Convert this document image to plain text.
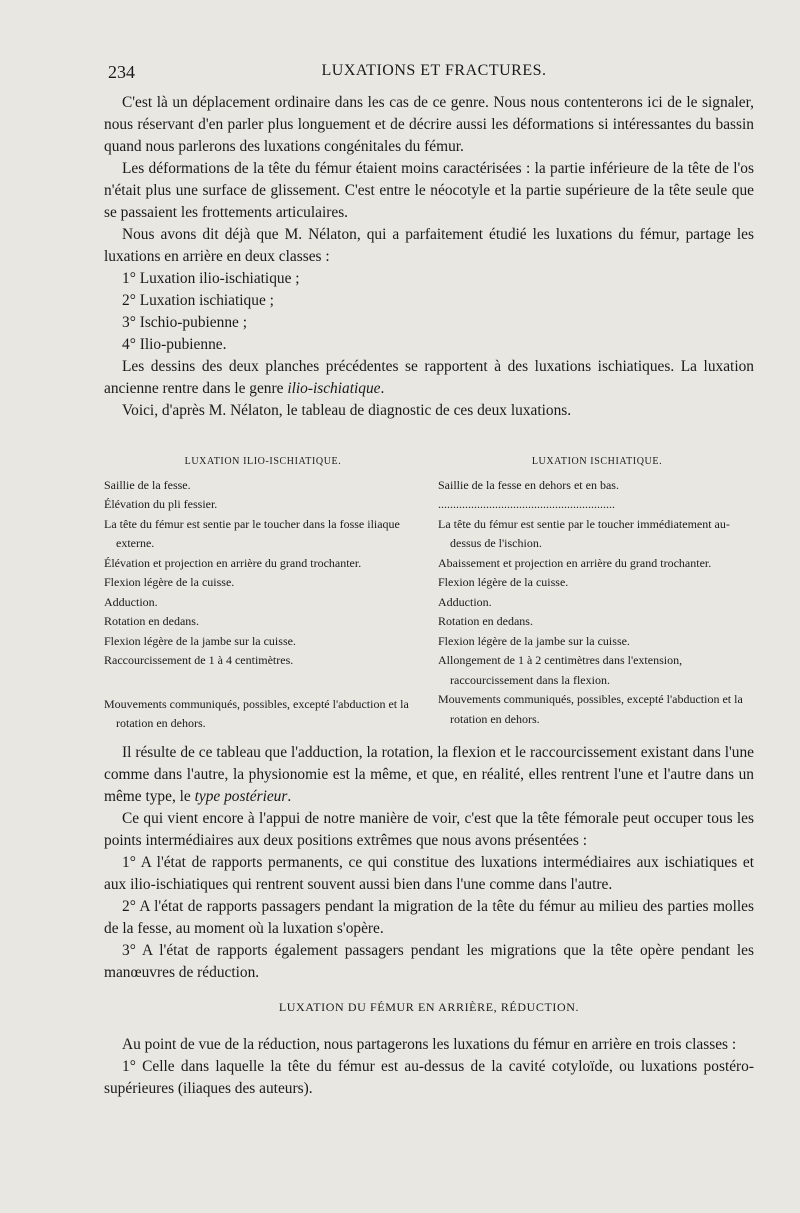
234	LUXATIONS ET FRACTURES.

C'est là un déplacement ordinaire dans les cas de ce genre. Nous nous contenterons ici de le signaler, nous réservant d'en parler plus longuement et de décrire aussi les déformations si intéressantes du bassin quand nous parlerons des luxations congénitales du fémur.

Les déformations de la tête du fémur étaient moins caractérisées : la partie inférieure de la tête de l'os n'était plus une surface de glissement. C'est entre le néocotyle et la partie supérieure de la tête seule que se passaient les frottements articulaires.

Nous avons dit déjà que M. Nélaton, qui a parfaitement étudié les luxations du fémur, partage les luxations en arrière en deux classes :

1° Luxation ilio-ischiatique ;

2° Luxation ischiatique ;

3° Ischio-pubienne ;

4° Ilio-pubienne.

Les dessins des deux planches précédentes se rapportent à des luxations ischiatiques. La luxation ancienne rentre dans le genre ilio-ischiatique.

Voici, d'après M. Nélaton, le tableau de diagnostic de ces deux luxations.

LUXATION ILIO-ISCHIATIQUE.

Saillie de la fesse.

Élévation du pli fessier.

La tête du fémur est sentie par le toucher dans la fosse iliaque externe.

Élévation et projection en arrière du grand trochanter.

Flexion légère de la cuisse.

Adduction.

Rotation en dedans.

Flexion légère de la jambe sur la cuisse.

Raccourcissement de 1 à 4 centimètres.

Mouvements communiqués, possibles, excepté l'abduction et la rotation en dehors.

LUXATION ISCHIATIQUE.

Saillie de la fesse en dehors et en bas.

...........................................................

La tête du fémur est sentie par le toucher immédiatement au-dessus de l'ischion.

Abaissement et projection en arrière du grand trochanter.

Flexion légère de la cuisse.

Adduction.

Rotation en dedans.

Flexion légère de la jambe sur la cuisse.

Allongement de 1 à 2 centimètres dans l'extension, raccourcissement dans la flexion.

Mouvements communiqués, possibles, excepté l'abduction et la rotation en dehors.

Il résulte de ce tableau que l'adduction, la rotation, la flexion et le raccourcissement existant dans l'une comme dans l'autre, la physionomie est la même, et que, en réalité, elles rentrent l'une et l'autre dans un même type, le type postérieur.

Ce qui vient encore à l'appui de notre manière de voir, c'est que la tête fémorale peut occuper tous les points intermédiaires aux deux positions extrêmes que nous avons présentées :

1° A l'état de rapports permanents, ce qui constitue des luxations intermédiaires aux ischiatiques et aux ilio-ischiatiques qui rentrent souvent aussi bien dans l'une comme dans l'autre.

2° A l'état de rapports passagers pendant la migration de la tête du fémur au milieu des parties molles de la fesse, au moment où la luxation s'opère.

3° A l'état de rapports également passagers pendant les migrations que la tête opère pendant les manœuvres de réduction.

LUXATION DU FÉMUR EN ARRIÈRE, RÉDUCTION.

Au point de vue de la réduction, nous partagerons les luxations du fémur en arrière en trois classes :

1° Celle dans laquelle la tête du fémur est au-dessus de la cavité cotyloïde, ou luxations postéro-supérieures (iliaques des auteurs).
